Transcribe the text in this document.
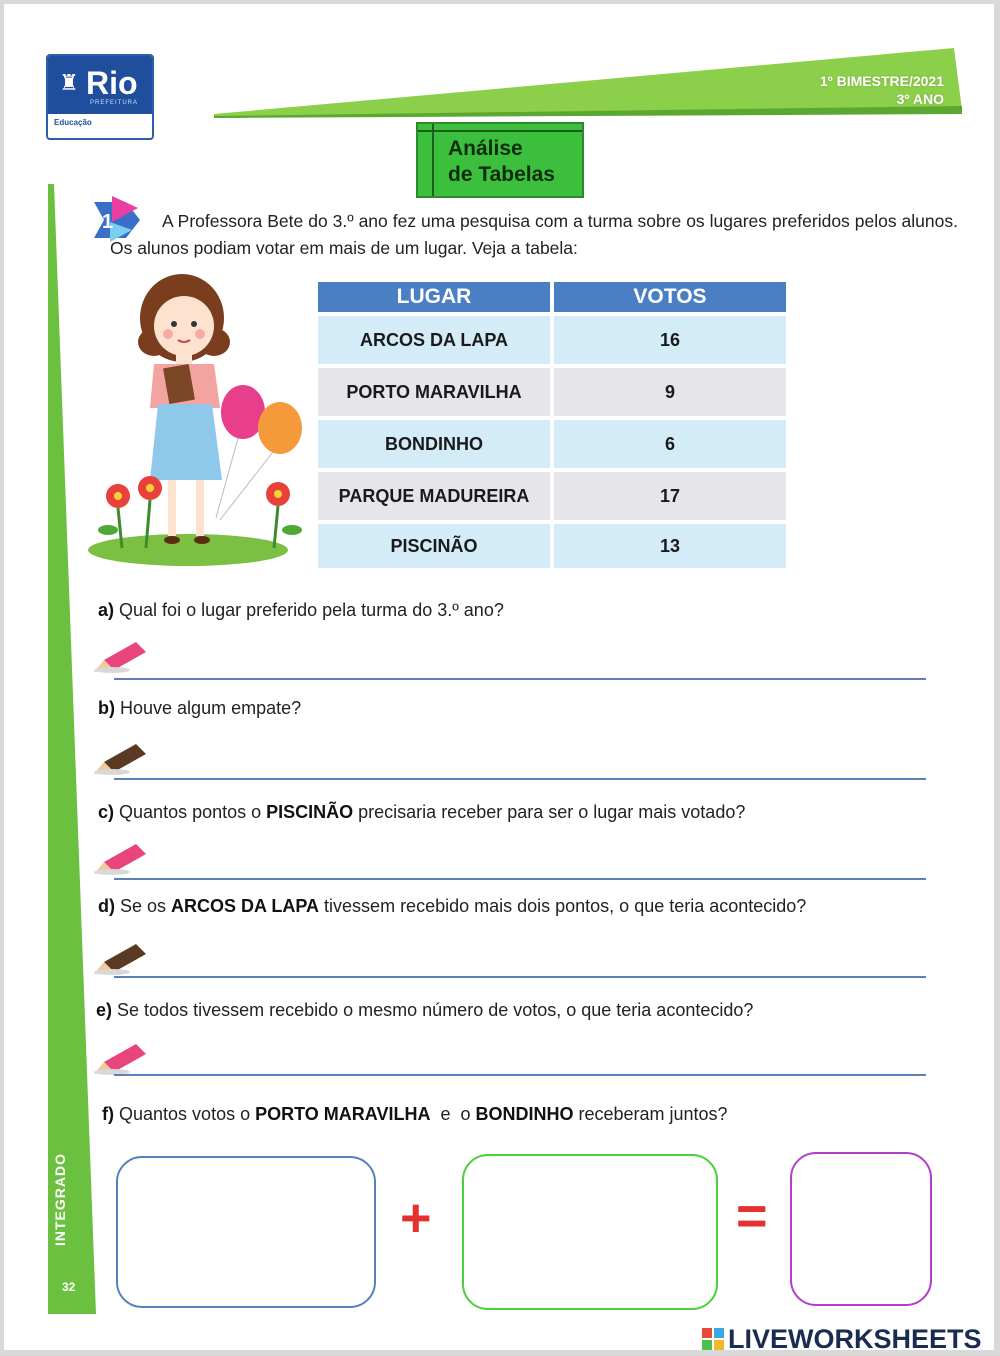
♜ Rio
PREFEITURA
Educação
1º BIMESTRE/2021
3º ANO
Análise
de Tabelas
1	A Professora Bete do 3.º ano fez uma pesquisa com a turma sobre os lugares preferidos pelos alunos. Os alunos podiam votar em mais de um lugar. Veja a tabela:
LUGAR	VOTOS
ARCOS DA LAPA	16
PORTO MARAVILHA	9
BONDINHO	6
PARQUE MADUREIRA	17
PISCINÃO	13
a) Qual foi o lugar preferido pela turma do 3.º ano?
b) Houve algum empate?
c) Quantos pontos o PISCINÃO precisaria receber para ser o lugar mais votado?
d) Se os ARCOS DA LAPA tivessem recebido mais dois pontos, o que teria acontecido?
e) Se todos tivessem recebido o mesmo número de votos, o que teria acontecido?
f) Quantos votos o PORTO MARAVILHA  e  o BONDINHO receberam juntos?
+	=
INTEGRADO
32
LIVEWORKSHEETS
